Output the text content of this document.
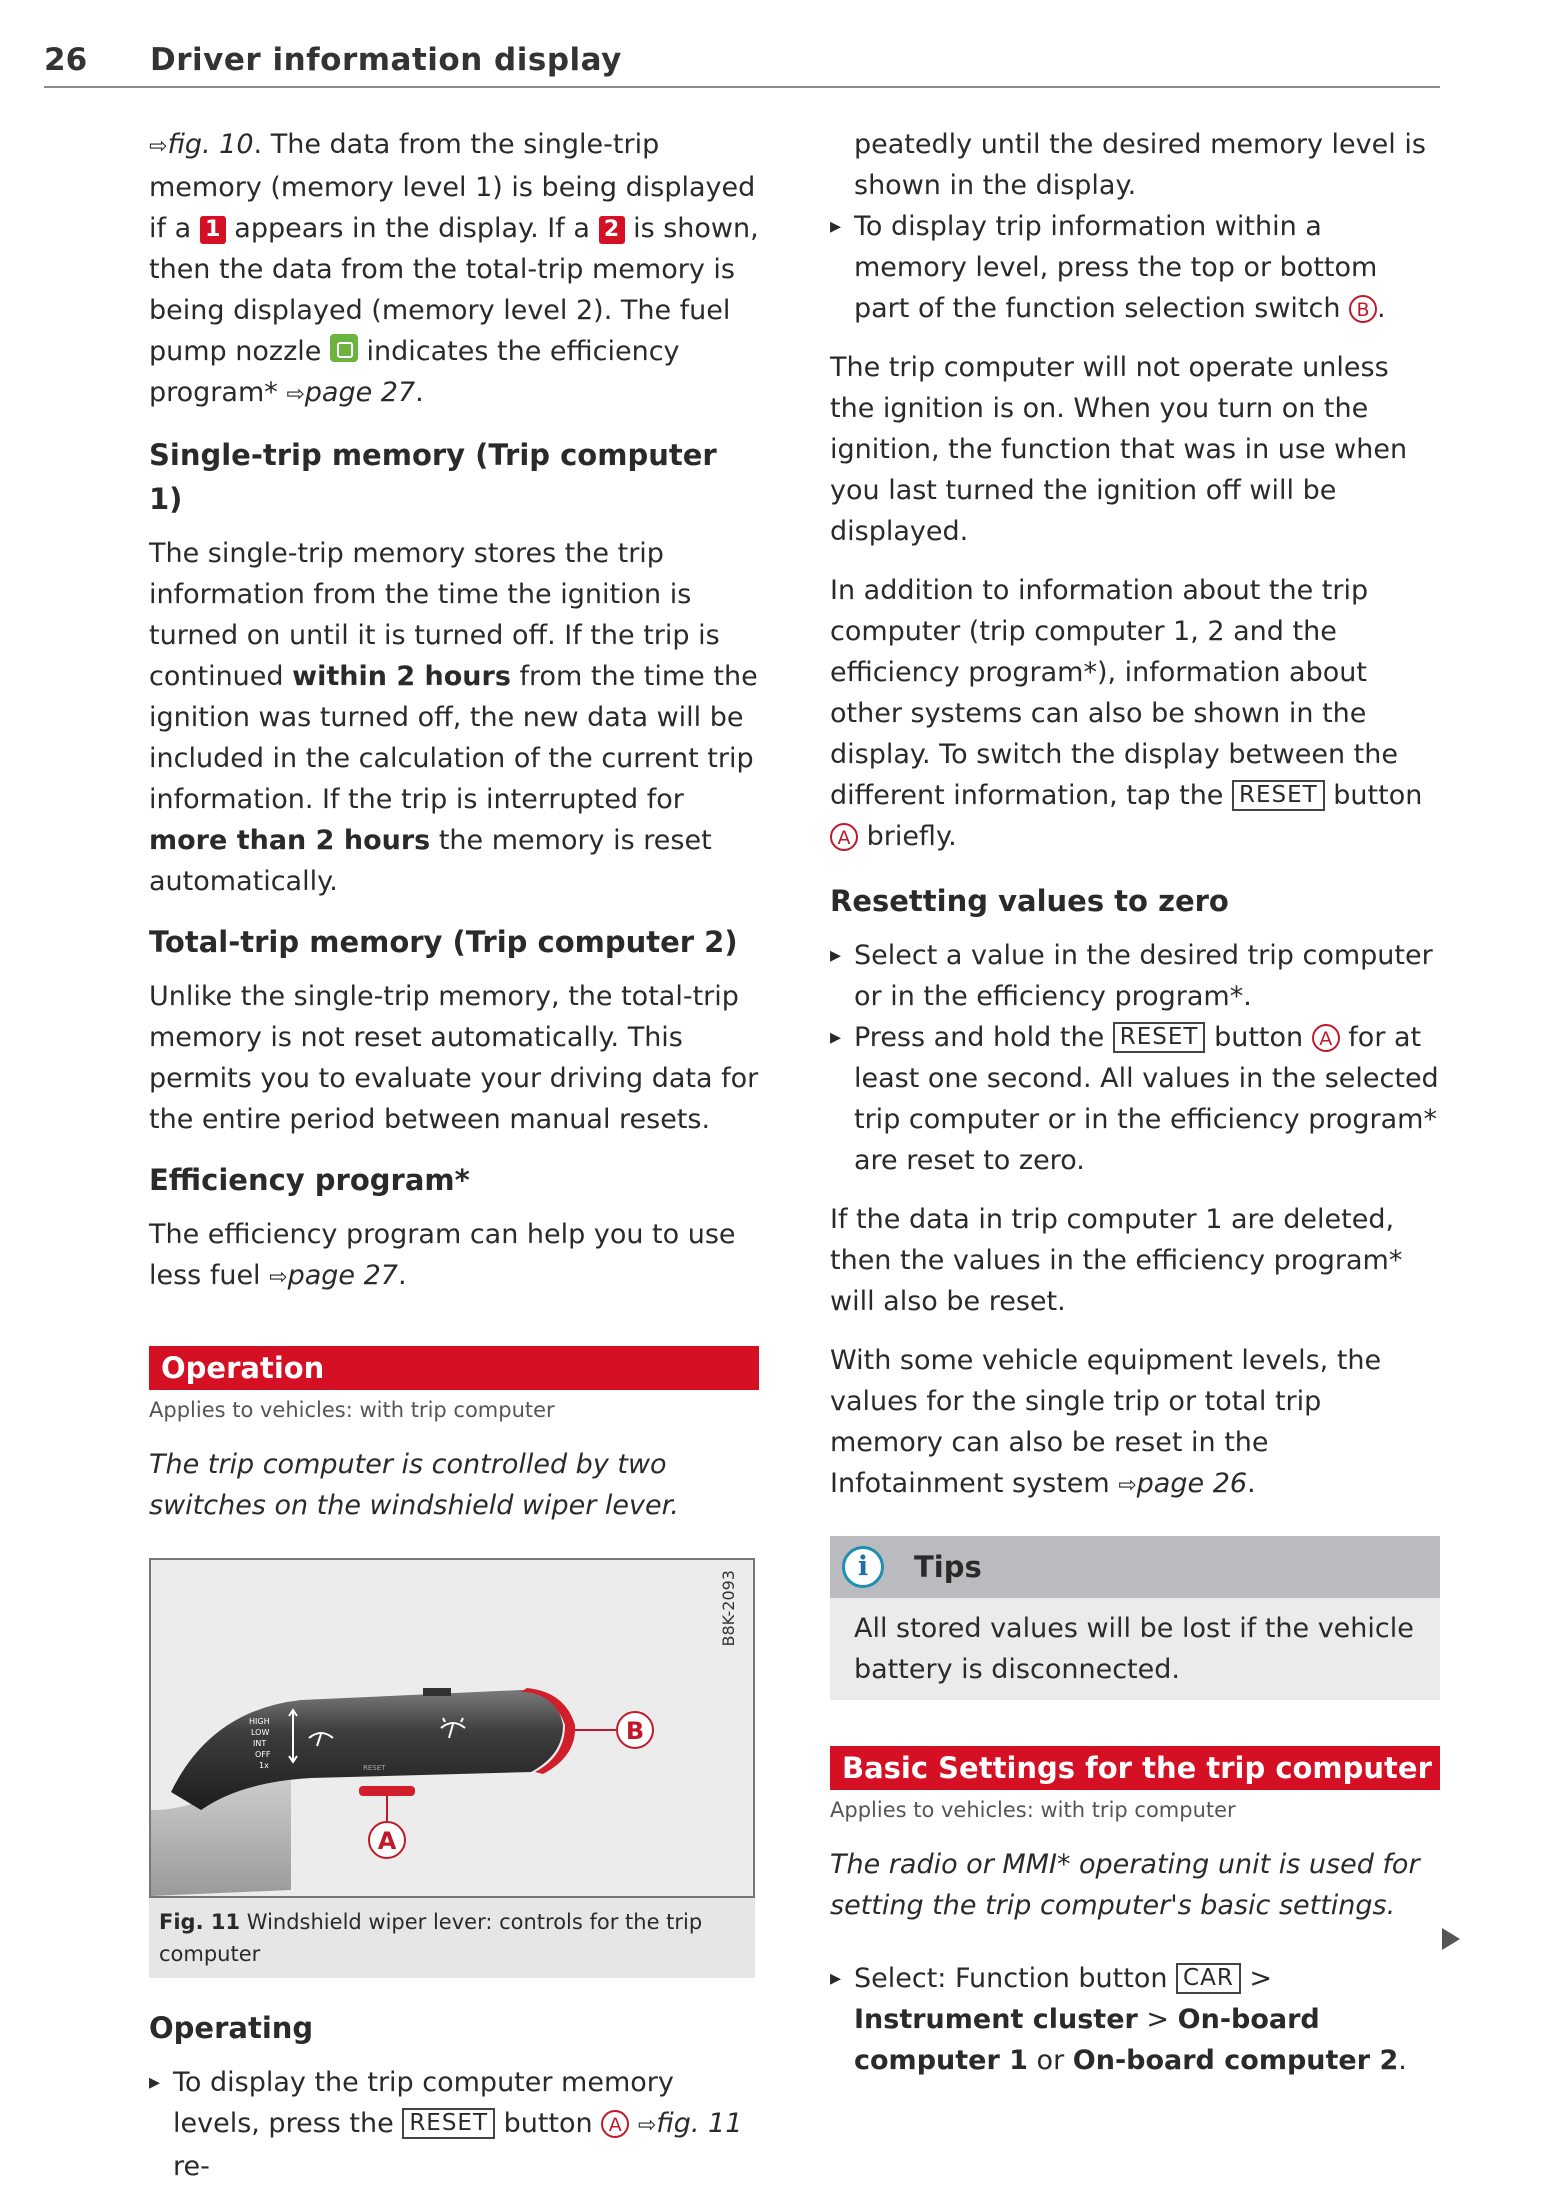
26 Driver information display

⇨fig. 10. The data from the single-trip memory (memory level 1) is being displayed if a 1 appears in the display. If a 2 is shown, then the data from the total-trip memory is being displayed (memory level 2). The fuel pump nozzle  indicates the efficiency program* ⇨page 27.

Single-trip memory (Trip computer 1)

The single-trip memory stores the trip information from the time the ignition is turned on until it is turned off. If the trip is continued within 2 hours from the time the ignition was turned off, the new data will be included in the calculation of the current trip information. If the trip is interrupted for more than 2 hours the memory is reset automatically.

Total-trip memory (Trip computer 2)

Unlike the single-trip memory, the total-trip memory is not reset automatically. This permits you to evaluate your driving data for the entire period between manual resets.

Efficiency program*

The efficiency program can help you to use less fuel ⇨page 27.

Operation
Applies to vehicles: with trip computer

The trip computer is controlled by two switches on the windshield wiper lever.

B8K-2093
HIGH
LOW
INT
OFF
1x	RESET
B
A
Fig. 11 Windshield wiper lever: controls for the trip computer
Operating

▸ To display the trip computer memory levels, press the RESET button A ⇨fig. 11 re-

peatedly until the desired memory level is shown in the display.

▸ To display trip information within a memory level, press the top or bottom part of the function selection switch B .

The trip computer will not operate unless the ignition is on. When you turn on the ignition, the function that was in use when you last turned the ignition off will be displayed.

In addition to information about the trip computer (trip computer 1, 2 and the efficiency program*), information about other systems can also be shown in the display. To switch the display between the different information, tap the RESET button A briefly.

Resetting values to zero

▸ Select a value in the desired trip computer or in the efficiency program*.

▸ Press and hold the RESET button A for at least one second. All values in the selected trip computer or in the efficiency program* are reset to zero.

If the data in trip computer 1 are deleted, then the values in the efficiency program* will also be reset.

With some vehicle equipment levels, the values for the single trip or total trip memory can also be reset in the Infotainment system ⇨page 26.

i	Tips
All stored values will be lost if the vehicle battery is disconnected.
Basic Settings for the trip computer
Applies to vehicles: with trip computer

The radio or MMI* operating unit is used for setting the trip computer's basic settings.

▸ Select: Function button CAR > Instrument cluster > On-board computer 1 or On-board computer 2.
